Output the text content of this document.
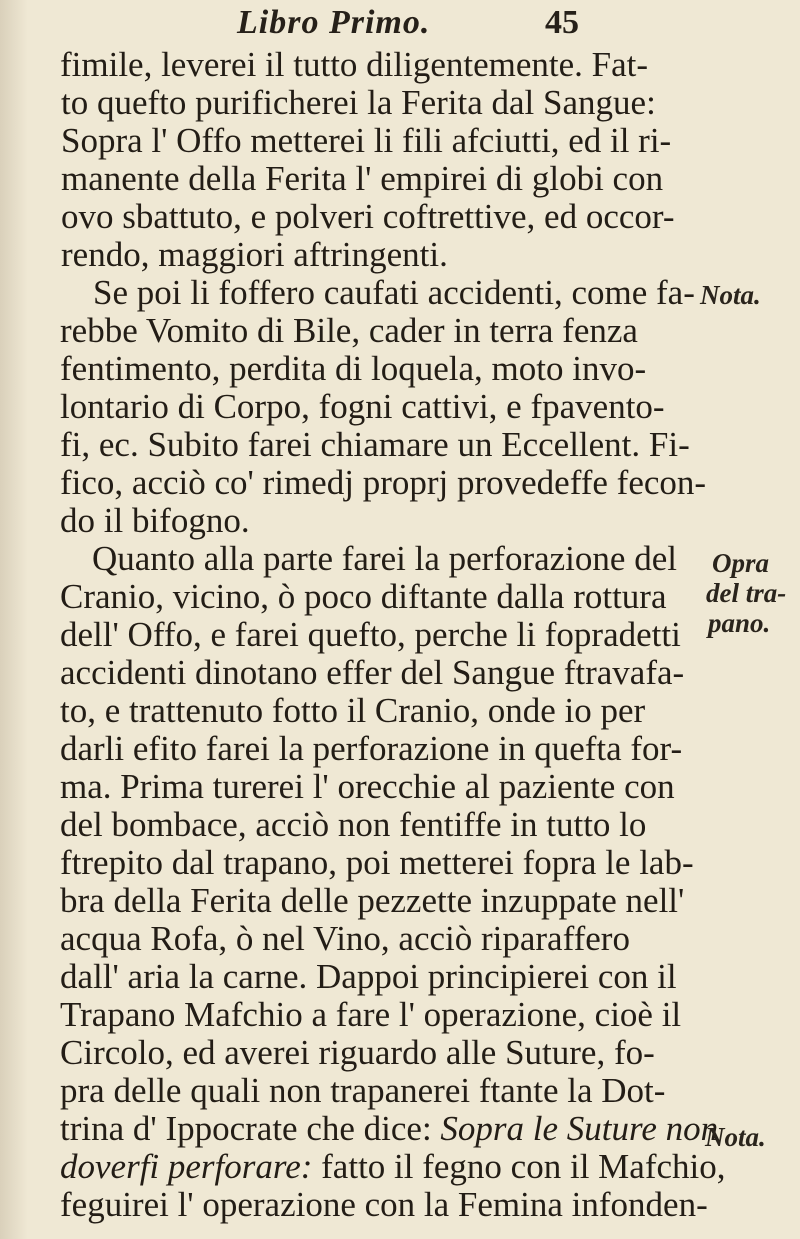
Libro Primo.	45
fimile, leverei il tutto diligentemente. Fat-
to quefto purificherei la Ferita dal Sangue:
Sopra l' Offo metterei li fili afciutti, ed il ri-
manente della Ferita l' empirei di globi con
ovo sbattuto, e polveri coftrettive, ed occor-
rendo, maggiori aftringenti.
Se poi li foffero caufati accidenti, come fa-
rebbe Vomito di Bile, cader in terra fenza
fentimento, perdita di loquela, moto invo-
lontario di Corpo, fogni cattivi, e fpavento-
fi, ec. Subito farei chiamare un Eccellent. Fi-
fico, acciò co' rimedj proprj provedeffe fecon-
do il bifogno.
Quanto alla parte farei la perforazione del
Cranio, vicino, ò poco diftante dalla rottura
dell' Offo, e farei quefto, perche li fopradetti
accidenti dinotano effer del Sangue ftravafa-
to, e trattenuto fotto il Cranio, onde io per
darli efito farei la perforazione in quefta for-
ma. Prima turerei l' orecchie al paziente con
del bombace, acciò non fentiffe in tutto lo
ftrepito dal trapano, poi metterei fopra le lab-
bra della Ferita delle pezzette inzuppate nell'
acqua Rofa, ò nel Vino, acciò riparaffero
dall' aria la carne. Dappoi principierei con il
Trapano Mafchio a fare l' operazione, cioè il
Circolo, ed averei riguardo alle Suture, fo-
pra delle quali non trapanerei ftante la Dot-
trina d' Ippocrate che dice: Sopra le Suture non
doverfi perforare: fatto il fegno con il Mafchio,
feguirei l' operazione con la Femina infonden-
Nota.
Opra
del tra-
pano.
Nota.
